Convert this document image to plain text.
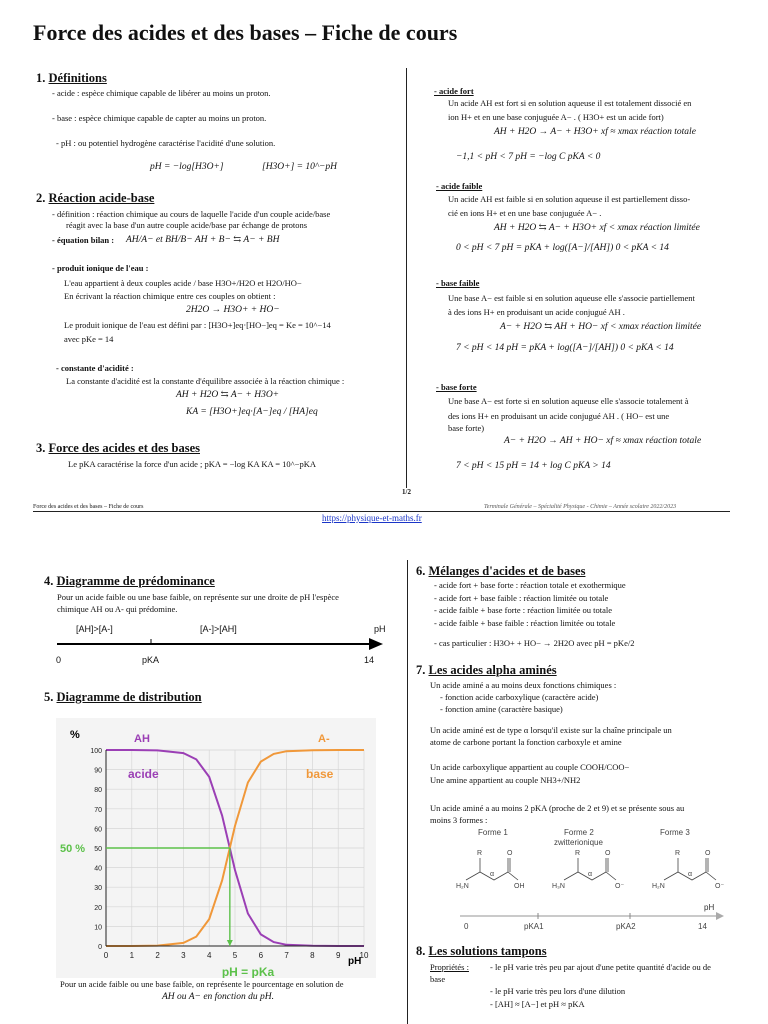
Force des acides et des bases – Fiche de cours
1. Définitions
- acide : espèce chimique capable de libérer au moins un proton.
- base : espèce chimique capable de capter au moins un proton.
- pH : ou potentiel hydrogène caractérise l'acidité d'une solution.
pH = −log[H3O+]	[H3O+] = 10^−pH
2. Réaction acide-base
- définition : réaction chimique au cours de laquelle l'acide d'un couple acide/base
réagit avec la base d'un autre couple acide/base par échange de protons
- équation bilan : AH/A− et BH/B− AH + B− ⇆ A− + BH
- produit ionique de l'eau :
L'eau appartient à deux couples acide / base H3O+/H2O et H2O/HO−
En écrivant la réaction chimique entre ces couples on obtient :
2H2O → H3O+ + HO−
Le produit ionique de l'eau est défini par : [H3O+]eq·[HO−]eq = Ke = 10^−14
avec pKe = 14
- constante d'acidité :
La constante d'acidité est la constante d'équilibre associée à la réaction chimique :
AH + H2O ⇆ A− + H3O+
KA = [H3O+]eq·[A−]eq / [HA]eq
3. Force des acides et des bases
Le pKA caractérise la force d'un acide ; pKA = −log KA KA = 10^−pKA
- acide fort
Un acide AH est fort si en solution aqueuse il est totalement dissocié en
ion H+ et en une base conjuguée A− . ( H3O+ est un acide fort)
AH + H2O → A− + H3O+ xf ≈ xmax réaction totale
−1,1 < pH < 7 pH = −log C pKA < 0
- acide faible
Un acide AH est faible si en solution aqueuse il est partiellement disso-
cié en ions H+ et en une base conjuguée A− .
AH + H2O ⇆ A− + H3O+ xf < xmax réaction limitée
0 < pH < 7 pH = pKA + log([A−]/[AH]) 0 < pKA < 14
- base faible
Une base A− est faible si en solution aqueuse elle s'associe partiellement
à des ions H+ en produisant un acide conjugué AH .
A− + H2O ⇆ AH + HO− xf < xmax réaction limitée
7 < pH < 14 pH = pKA + log([A−]/[AH]) 0 < pKA < 14
- base forte
Une base A− est forte si en solution aqueuse elle s'associe totalement à
des ions H+ en produisant un acide conjugué AH . ( HO− est une
base forte)
A− + H2O → AH + HO− xf ≈ xmax réaction totale
7 < pH < 15 pH = 14 + log C pKA > 14
1/2
Force des acides et des bases – Fiche de cours	Terminale Générale – Spécialité Physique - Chimie – Année scolaire 2022/2023
https://physique-et-maths.fr
4. Diagramme de prédominance
Pour un acide faible ou une base faible, on représente sur une droite de pH l'espèce
chimique AH ou A- qui prédomine.
[AH]>[A-]	[A-]>[AH]	pH
0	pKA	14
5. Diagramme de distribution
AH
acide
A-
base
0	1	2	3	4	5	6	7	8	9 10
0
10
20
30
40
50
60
70
80
90
100
%
pH
50 %
pH = pKa
Pour un acide faible ou une base faible, on représente le pourcentage en solution de
AH ou A− en fonction du pH.
6. Mélanges d'acides et de bases
- acide fort + base forte : réaction totale et exothermique
- acide fort + base faible : réaction limitée ou totale
- acide faible + base forte : réaction limitée ou totale
- acide faible + base faible : réaction limitée ou totale
- cas particulier : H3O+ + HO− → 2H2O avec pH = pKe/2
7. Les acides alpha aminés
Un acide aminé a au moins deux fonctions chimiques :
- fonction acide carboxylique (caractère acide)
- fonction amine (caractère basique)
Un acide aminé est de type α lorsqu'il existe sur la chaîne principale un
atome de carbone portant la fonction carboxyle et amine
Un acide carboxylique appartient au couple COOH/COO−
Une amine appartient au couple NH3+/NH2
Un acide aminé a au moins 2 pKA (proche de 2 et 9) et se présente sous au
moins 3 formes :
Forme 1	Forme 2
zwitterionique
Forme 3
R	O
H₂N	OH
α
R	O
H₃N	O⁻
α
R	O
H₂N	O⁻
α
pH
0	pKA1	pKA2	14
8. Les solutions tampons
Propriétés : - le pH varie très peu par ajout d'une petite quantité d'acide ou de
base
- le pH varie très peu lors d'une dilution
- [AH] ≈ [A−] et pH ≈ pKA
